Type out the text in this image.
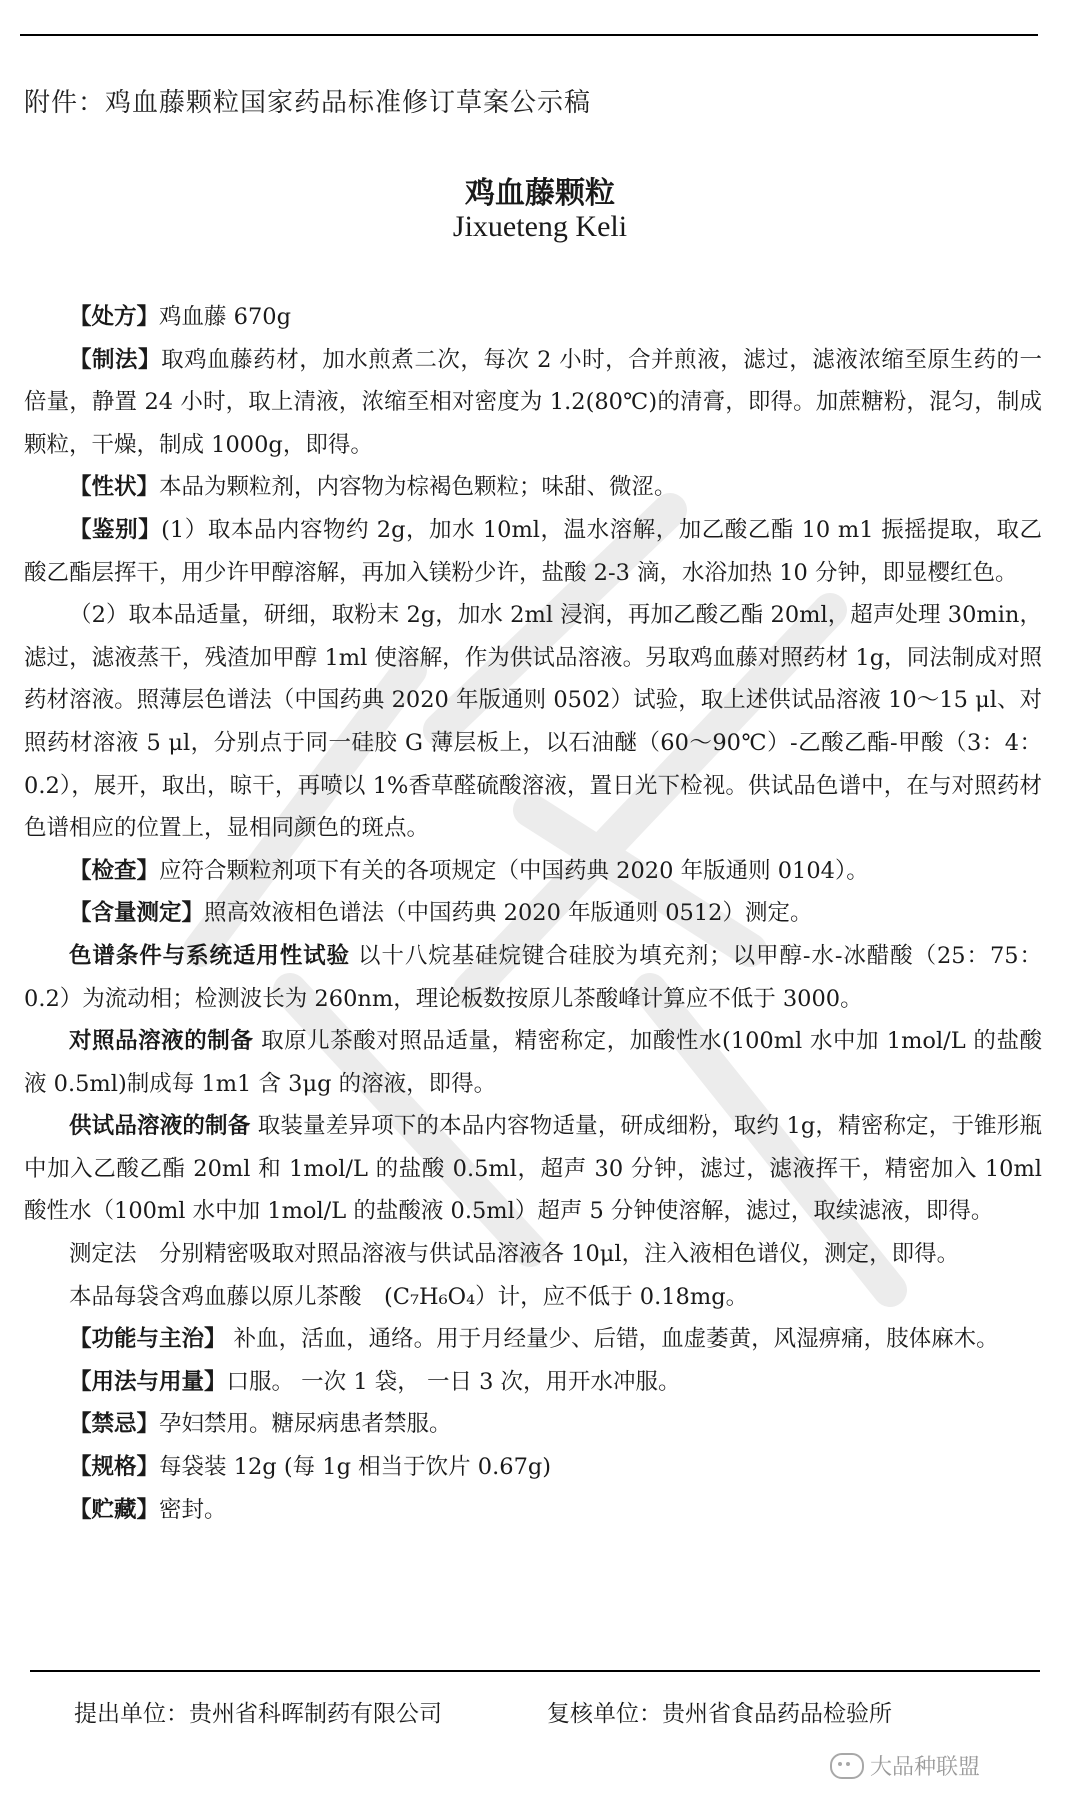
附件：鸡血藤颗粒国家药品标准修订草案公示稿
鸡血藤颗粒
Jixueteng Keli

【处方】鸡血藤 670g

【制法】取鸡血藤药材，加水煎煮二次，每次 2 小时，合并煎液，滤过，滤液浓缩至原生药的一倍量，静置 24 小时，取上清液，浓缩至相对密度为 1.2(80℃)的清膏，即得。加蔗糖粉，混匀，制成颗粒，干燥，制成 1000g，即得。

【性状】本品为颗粒剂，内容物为棕褐色颗粒；味甜、微涩。

【鉴别】(1）取本品内容物约 2g，加水 10ml，温水溶解，加乙酸乙酯 10 m1 振摇提取，取乙酸乙酯层挥干，用少许甲醇溶解，再加入镁粉少许，盐酸 2-3 滴，水浴加热 10 分钟，即显樱红色。

（2）取本品适量，研细，取粉末 2g，加水 2ml 浸润，再加乙酸乙酯 20ml，超声处理 30min，滤过，滤液蒸干，残渣加甲醇 1ml 使溶解，作为供试品溶液。另取鸡血藤对照药材 1g，同法制成对照药材溶液。照薄层色谱法（中国药典 2020 年版通则 0502）试验，取上述供试品溶液 10～15 μl、对照药材溶液 5 μl，分别点于同一硅胶 G 薄层板上，以石油醚（60～90℃）-乙酸乙酯-甲酸（3：4：0.2），展开，取出，晾干，再喷以 1%香草醛硫酸溶液，置日光下检视。供试品色谱中，在与对照药材色谱相应的位置上，显相同颜色的斑点。

【检查】应符合颗粒剂项下有关的各项规定（中国药典 2020 年版通则 0104）。

【含量测定】照高效液相色谱法（中国药典 2020 年版通则 0512）测定。

色谱条件与系统适用性试验 以十八烷基硅烷键合硅胶为填充剂；以甲醇-水-冰醋酸（25：75：0.2）为流动相；检测波长为 260nm，理论板数按原儿茶酸峰计算应不低于 3000。

对照品溶液的制备 取原儿茶酸对照品适量，精密称定，加酸性水(100ml 水中加 1mol/L 的盐酸液 0.5ml)制成每 1m1 含 3μg 的溶液，即得。

供试品溶液的制备 取装量差异项下的本品内容物适量，研成细粉，取约 1g，精密称定，于锥形瓶中加入乙酸乙酯 20ml 和 1mol/L 的盐酸 0.5ml，超声 30 分钟，滤过，滤液挥干，精密加入 10ml 酸性水（100ml 水中加 1mol/L 的盐酸液 0.5ml）超声 5 分钟使溶解，滤过，取续滤液，即得。

测定法　分别精密吸取对照品溶液与供试品溶液各 10μl，注入液相色谱仪，测定，即得。

本品每袋含鸡血藤以原儿茶酸　(C₇H₆O₄）计，应不低于 0.18mg。

【功能与主治】 补血，活血，通络。用于月经量少、后错，血虚萎黄，风湿痹痛，肢体麻木。

【用法与用量】口服。 一次 1 袋， 一日 3 次，用开水冲服。

【禁忌】孕妇禁用。糖尿病患者禁服。

【规格】每袋装 12g (每 1g 相当于饮片 0.67g)

【贮藏】密封。

提出单位：贵州省科晖制药有限公司	复核单位：贵州省食品药品检验所
大品种联盟
